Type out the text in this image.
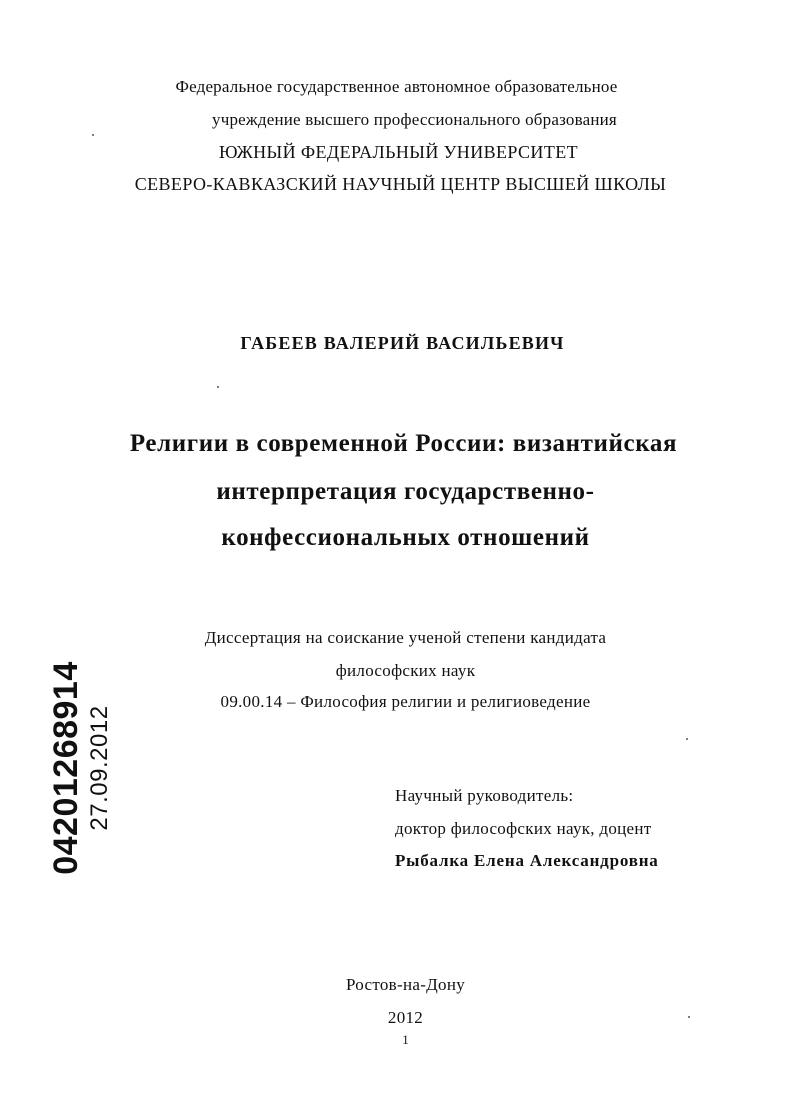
Федеральное государственное автономное образовательное
учреждение высшего профессионального образования
ЮЖНЫЙ ФЕДЕРАЛЬНЫЙ УНИВЕРСИТЕТ
СЕВЕРО-КАВКАЗСКИЙ НАУЧНЫЙ ЦЕНТР ВЫСШЕЙ ШКОЛЫ
ГАБЕЕВ ВАЛЕРИЙ ВАСИЛЬЕВИЧ
Религии в современной России: византийская
интерпретация государственно-
конфессиональных отношений
Диссертация на соискание ученой степени кандидата
философских наук
09.00.14 – Философия религии и религиоведение
Научный руководитель:
доктор философских наук, доцент
Рыбалка Елена Александровна
Ростов-на-Дону
2012
1
04201268914 27.09.2012
